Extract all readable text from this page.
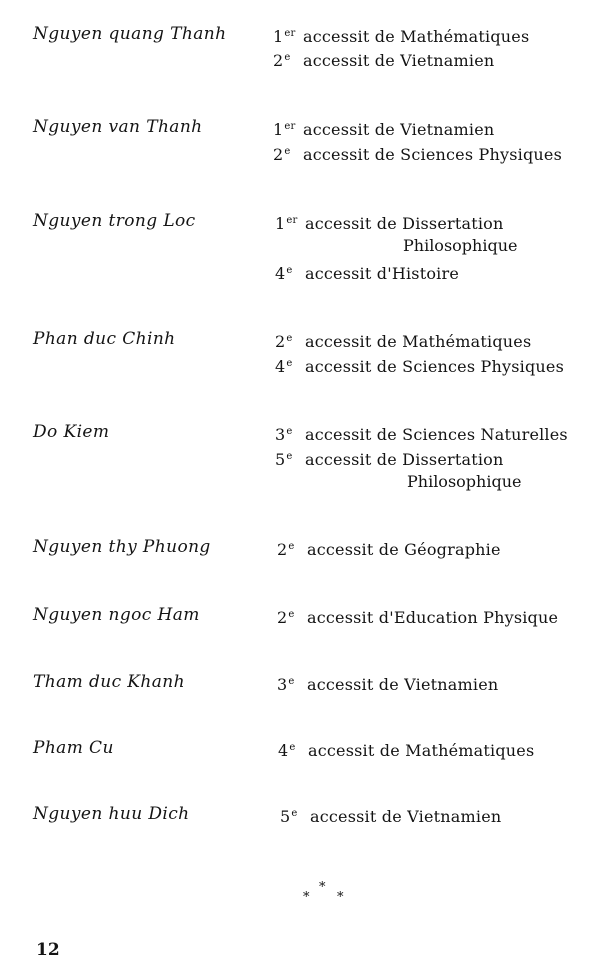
Nguyen quang Thanh	1er accessit de Mathématiques
2e accessit de Vietnamien
Nguyen van Thanh	1er accessit de Vietnamien
2e accessit de Sciences Physiques
Nguyen trong Loc	1er accessit de Dissertation
Philosophique
4e accessit d'Histoire
Phan duc Chinh	2e accessit de Mathématiques
4e accessit de Sciences Physiques
Do Kiem	3e accessit de Sciences Naturelles
5e accessit de Dissertation
Philosophique
Nguyen thy Phuong	2e accessit de Géographie
Nguyen ngoc Ham	2e accessit d'Education Physique
Tham duc Khanh	3e accessit de Vietnamien
Pham Cu	4e accessit de Mathématiques
Nguyen huu Dich	5e accessit de Vietnamien
*
*
*
12
